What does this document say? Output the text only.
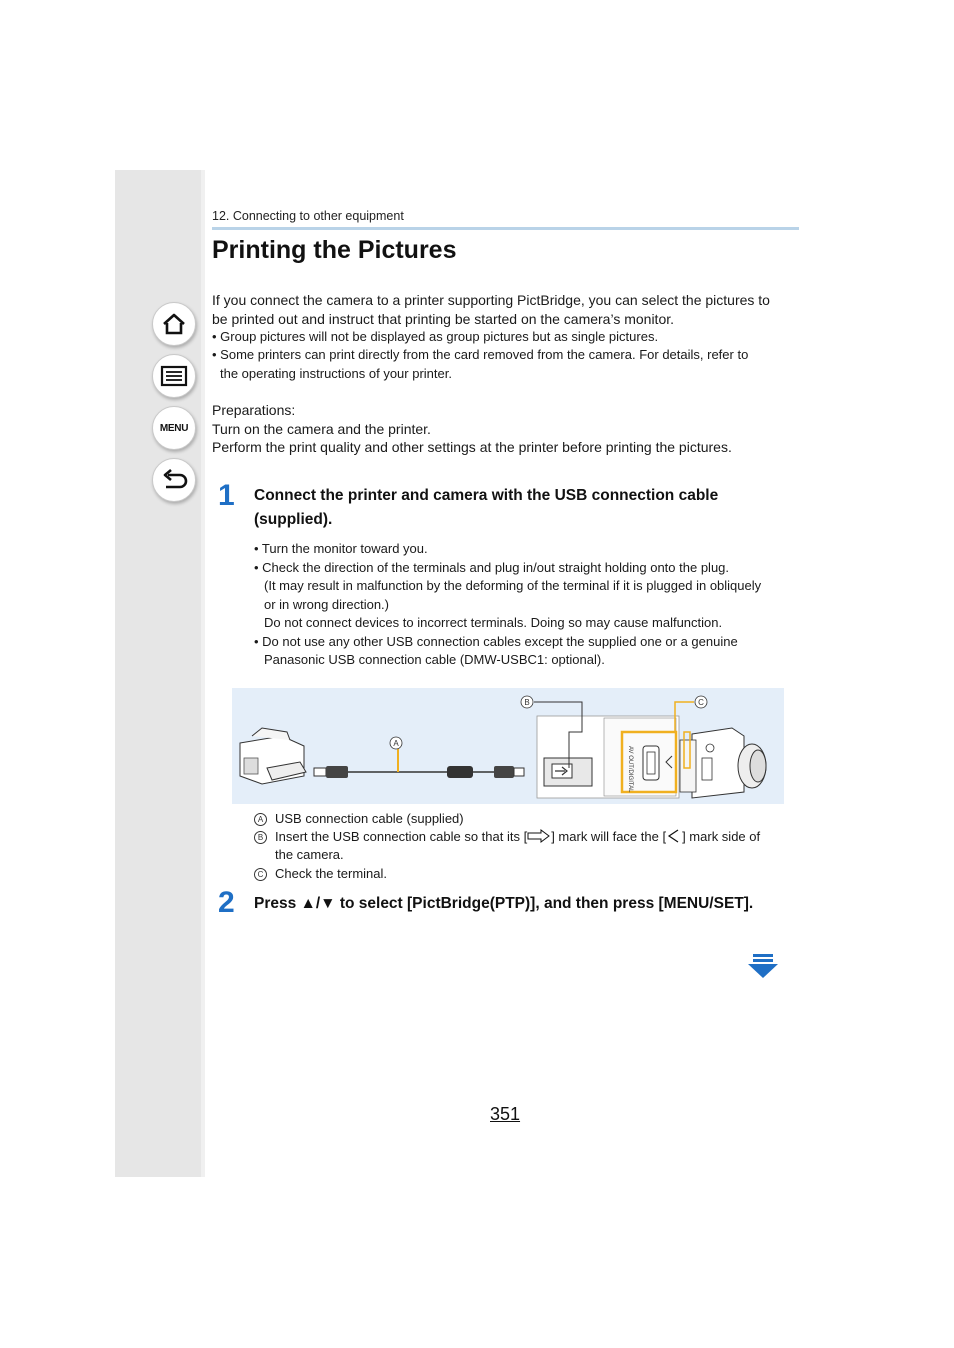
MENU
12. Connecting to other equipment
Printing the Pictures
If you connect the camera to a printer supporting PictBridge, you can select the pictures to
be printed out and instruct that printing be started on the camera’s monitor.
• Group pictures will not be displayed as group pictures but as single pictures.
• Some printers can print directly from the card removed from the camera. For details, refer to
the operating instructions of your printer.
Preparations:
Turn on the camera and the printer.
Perform the print quality and other settings at the printer before printing the pictures.
1 Connect the printer and camera with the USB connection cable
(supplied).
• Turn the monitor toward you.
• Check the direction of the terminals and plug in/out straight holding onto the plug.
(It may result in malfunction by the deforming of the terminal if it is plugged in obliquely
or in wrong direction.)
Do not connect devices to incorrect terminals. Doing so may cause malfunction.
• Do not use any other USB connection cables except the supplied one or a genuine
Panasonic USB connection cable (DMW-USBC1: optional).
A
AV OUT/DIGITAL
B	C
A USB connection cable (supplied)
B Insert the USB connection cable so that its [ ] mark will face the [ ] mark side of
the camera.
C Check the terminal.
2 Press ▲/▼ to select [PictBridge(PTP)], and then press [MENU/SET].
351
